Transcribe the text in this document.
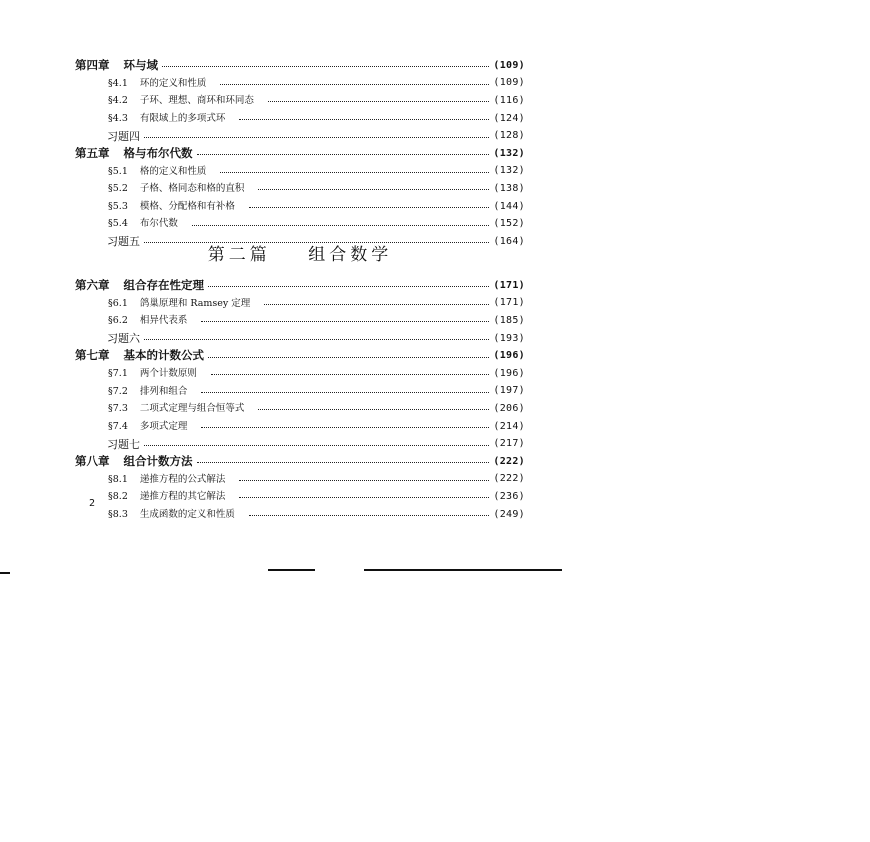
第四章 环与域	(109)
§4.1 环的定义和性质	(109)
§4.2 子环、理想、商环和环同态	(116)
§4.3 有限域上的多项式环	(124)
习题四	(128)
第五章 格与布尔代数	(132)
§5.1 格的定义和性质	(132)
§5.2 子格、格同态和格的直积	(138)
§5.3 模格、分配格和有补格	(144)
§5.4 布尔代数	(152)
习题五	(164)
第二篇 组合数学
第六章 组合存在性定理	(171)
§6.1 鸽巢原理和 Ramsey 定理	(171)
§6.2 相异代表系	(185)
习题六	(193)
第七章 基本的计数公式	(196)
§7.1 两个计数原则	(196)
§7.2 排列和组合	(197)
§7.3 二项式定理与组合恒等式	(206)
§7.4 多项式定理	(214)
习题七	(217)
第八章 组合计数方法	(222)
§8.1 递推方程的公式解法	(222)
§8.2 递推方程的其它解法	(236)
§8.3 生成函数的定义和性质	(249)
2
